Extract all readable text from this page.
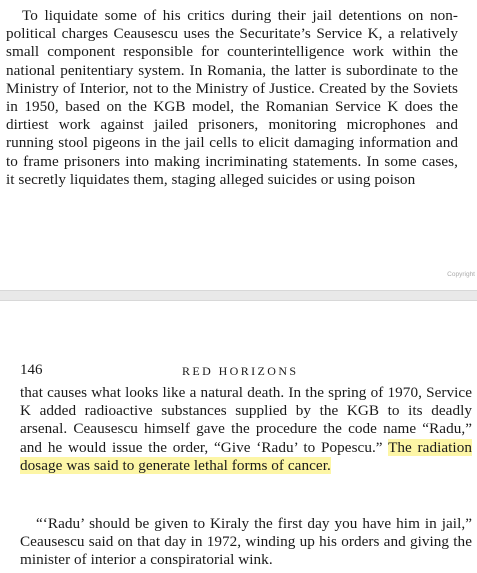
To liquidate some of his critics during their jail detentions on non-political charges Ceausescu uses the Securitate’s Service K, a relatively small component responsible for counterintelligence work within the national penitentiary system. In Romania, the latter is subordinate to the Ministry of Interior, not to the Ministry of Justice. Created by the Soviets in 1950, based on the KGB model, the Romanian Service K does the dirtiest work against jailed prisoners, monitoring microphones and running stool pigeons in the jail cells to elicit damaging information and to frame prisoners into making incriminating statements. In some cases, it secretly liquidates them, staging alleged suicides or using poison

Copyright
146	RED HORIZONS

that causes what looks like a natural death. In the spring of 1970, Service K added radioactive substances supplied by the KGB to its deadly arsenal. Ceausescu himself gave the procedure the code name “Radu,” and he would issue the order, “Give ‘Radu’ to Popescu.” The radiation dosage was said to generate lethal forms of cancer.

“‘Radu’ should be given to Kiraly the first day you have him in jail,” Ceausescu said on that day in 1972, winding up his orders and giving the minister of interior a conspiratorial wink.
